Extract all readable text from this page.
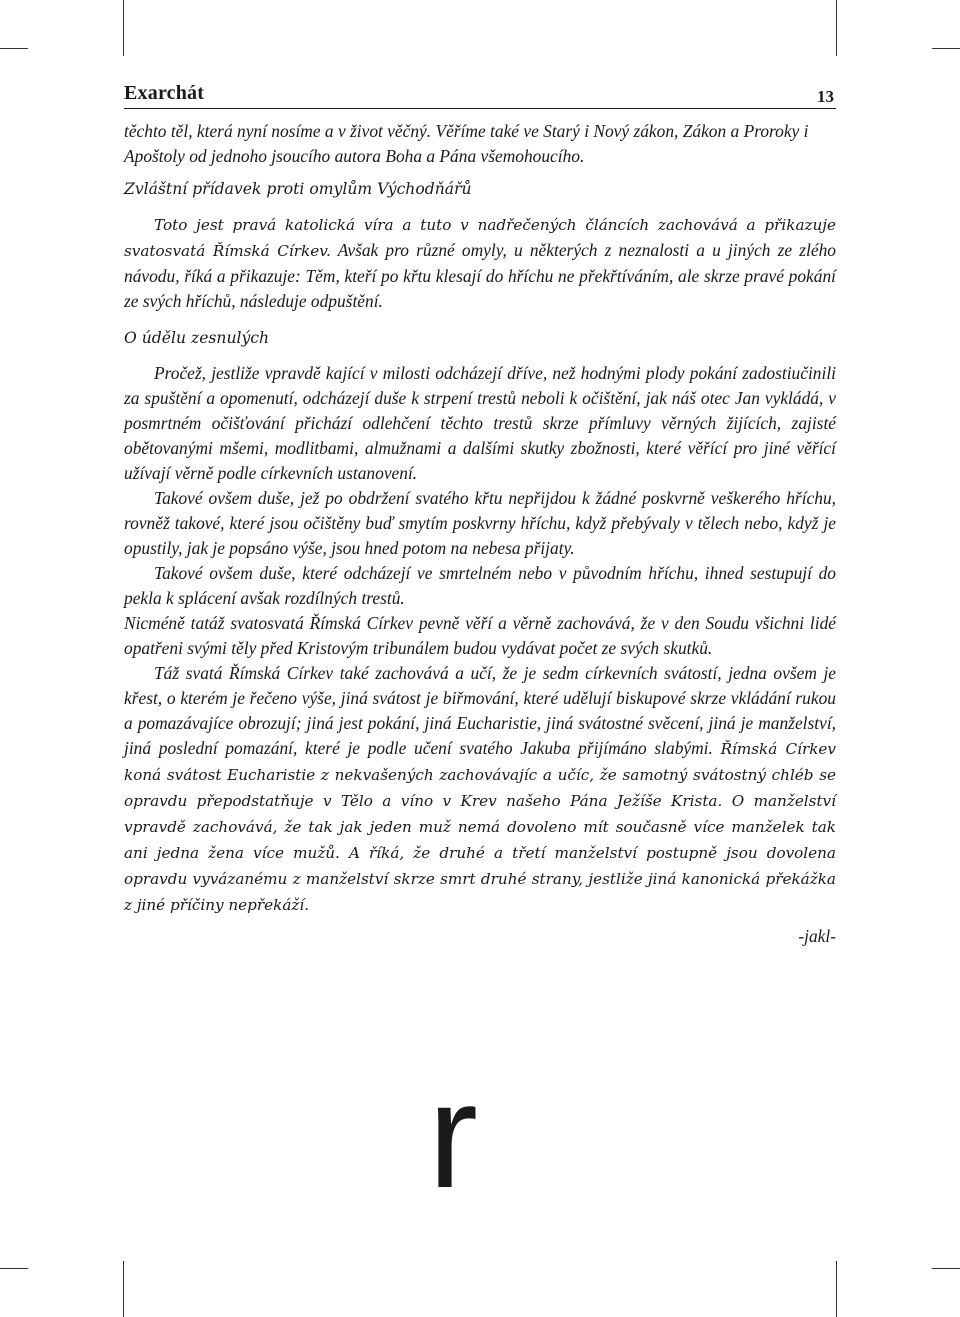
Exarchát	13

těchto těl, která nyní nosíme a v život věčný. Věříme také ve Starý i Nový zákon, Zákon a Proroky i Apoštoly od jednoho jsoucího autora Boha a Pána všemohoucího.

Zvláštní přídavek proti omylům Východňářů

Toto jest pravá katolická víra a tuto v nadřečených článcích zachovává a přikazuje svatosvatá Římská Církev. Avšak pro různé omyly, u některých z neznalosti a u jiných ze zlého návodu, říká a přikazuje: Těm, kteří po křtu klesají do hříchu ne překřtíváním, ale skrze pravé pokání ze svých hříchů, následuje odpuštění.

O údělu zesnulých

Pročež, jestliže vpravdě kající v milosti odcházejí dříve, než hodnými plody pokání zadostiučinili za spuštění a opomenutí, odcházejí duše k strpení trestů neboli k očištění, jak náš otec Jan vykládá, v posmrtném očišťování přichází odlehčení těchto trestů skrze přímluvy věrných žijících, zajisté obětovanými mšemi, modlitbami, almužnami a dalšími skutky zbožnosti, které věřící pro jiné věřící užívají věrně podle církevních ustanovení.

Takové ovšem duše, jež po obdržení svatého křtu nepřijdou k žádné poskvrně veškerého hříchu, rovněž takové, které jsou očištěny buď smytím poskvrny hříchu, když přebývaly v tělech nebo, když je opustily, jak je popsáno výše, jsou hned potom na nebesa přijaty.

Takové ovšem duše, které odcházejí ve smrtelném nebo v původním hříchu, ihned sestupují do pekla k splácení avšak rozdílných trestů.

Nicméně tatáž svatosvatá Římská Církev pevně věří a věrně zachovává, že v den Soudu všichni lidé opatřeni svými těly před Kristovým tribunálem budou vydávat počet ze svých skutků.

Táž svatá Římská Církev také zachovává a učí, že je sedm církevních svátostí, jedna ovšem je křest, o kterém je řečeno výše, jiná svátost je biřmování, které udělují biskupové skrze vkládání rukou a pomazávajíce obrozují; jiná jest pokání, jiná Eucharistie, jiná svátostné svěcení, jiná je manželství, jiná poslední pomazání, které je podle učení svatého Jakuba přijímáno slabými. Římská Církev koná svátost Eucharistie z nekvašených zachovávajíc a učíc, že samotný svátostný chléb se opravdu přepodstatňuje v Tělo a víno v Krev našeho Pána Ježíše Krista. O manželství vpravdě zachovává, že tak jak jeden muž nemá dovoleno mít současně více manželek tak ani jedna žena více mužů. A říká, že druhé a třetí manželství postupně jsou dovolena opravdu vyvázanému z manželství skrze smrt druhé strany, jestliže jiná kanonická překážka z jiné příčiny nepřekáží.

-jakl-
r
